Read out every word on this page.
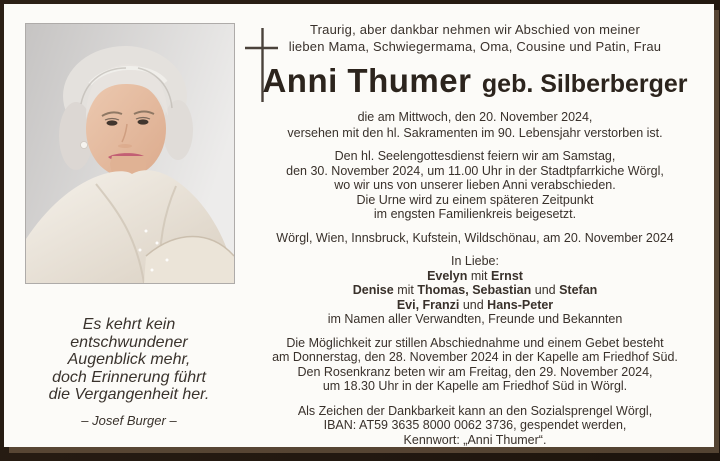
Es kehrt kein
entschwundener
Augenblick mehr,
doch Erinnerung führt
die Vergangenheit her.
– Josef Burger –
Traurig, aber dankbar nehmen wir Abschied von meiner
lieben Mama, Schwiegermama, Oma, Cousine und Patin, Frau
Anni Thumer geb. Silberberger
die am Mittwoch, den 20. November 2024,
versehen mit den hl. Sakramenten im 90. Lebensjahr verstorben ist.
Den hl. Seelengottesdienst feiern wir am Samstag,
den 30. November 2024, um 11.00 Uhr in der Stadtpfarrkiche Wörgl,
wo wir uns von unserer lieben Anni verabschieden.
Die Urne wird zu einem späteren Zeitpunkt
im engsten Familienkreis beigesetzt.
Wörgl, Wien, Innsbruck, Kufstein, Wildschönau, am 20. November 2024
In Liebe:
Evelyn mit Ernst
Denise mit Thomas, Sebastian und Stefan
Evi, Franzi und Hans-Peter
im Namen aller Verwandten, Freunde und Bekannten
Die Möglichkeit zur stillen Abschiednahme und einem Gebet besteht
am Donnerstag, den 28. November 2024 in der Kapelle am Friedhof Süd.
Den Rosenkranz beten wir am Freitag, den 29. November 2024,
um 18.30 Uhr in der Kapelle am Friedhof Süd in Wörgl.
Als Zeichen der Dankbarkeit kann an den Sozialsprengel Wörgl,
IBAN: AT59 3635 8000 0062 3736, gespendet werden,
Kennwort: „Anni Thumer“.
